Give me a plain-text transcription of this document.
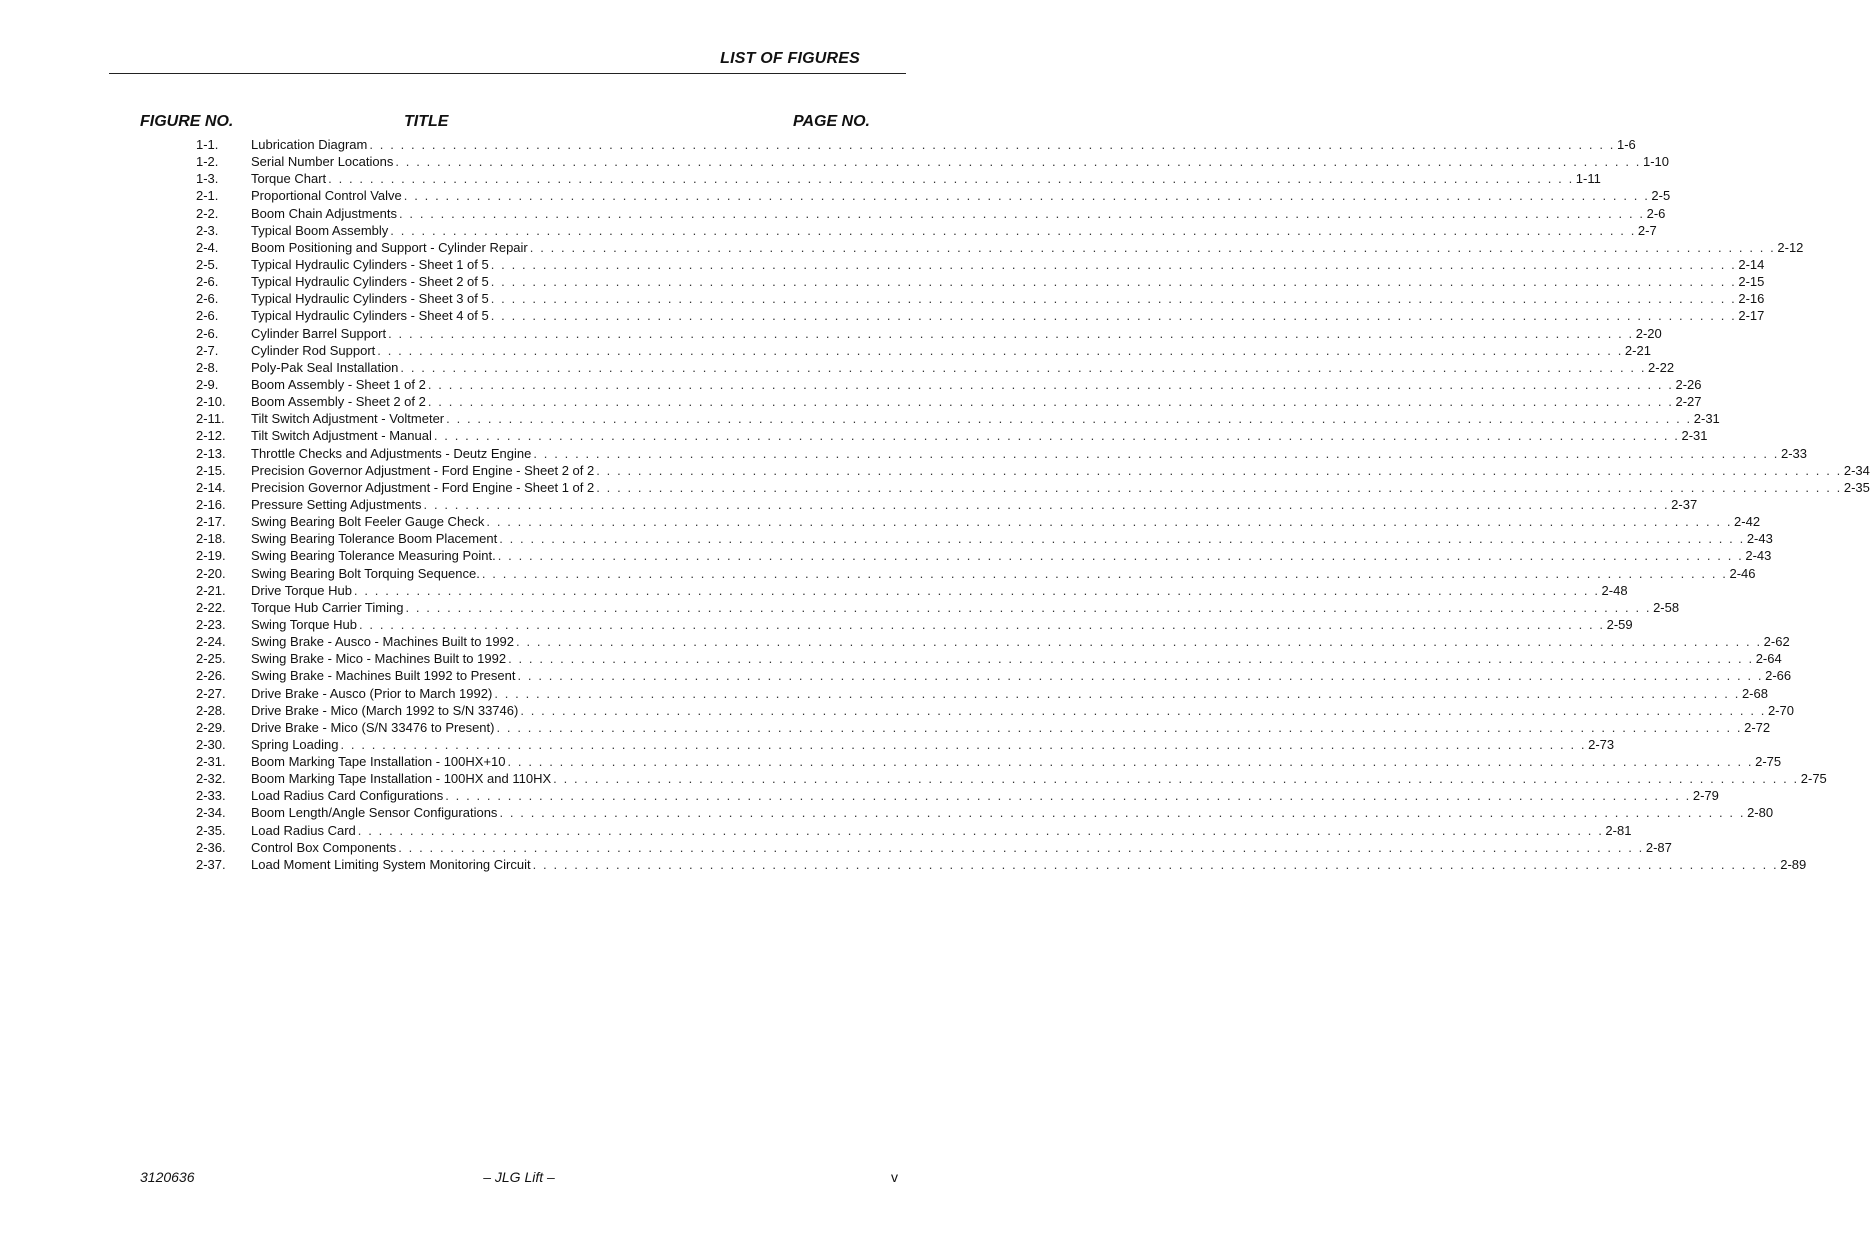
LIST OF FIGURES
FIGURE NO.	TITLE	PAGE NO.
1-1.	Lubrication Diagram . . . . . . . . . . . . . . . . . . . . . . . . . . . . . . . . . . . . . . . . . . . . . . . . . . . . . . . . . . . . . . . . . . . . . . . . . . . . . . . . . . . . . . . . . . . . . . . . . . . . . . . . . . . . . . . . . . . . . . . . 1-6
1-2.	Serial Number Locations . . . . . . . . . . . . . . . . . . . . . . . . . . . . . . . . . . . . . . . . . . . . . . . . . . . . . . . . . . . . . . . . . . . . . . . . . . . . . . . . . . . . . . . . . . . . . . . . . . . . . . . . . . . . . . . . . . . . . . . . 1-10
1-3.	Torque Chart . . . . . . . . . . . . . . . . . . . . . . . . . . . . . . . . . . . . . . . . . . . . . . . . . . . . . . . . . . . . . . . . . . . . . . . . . . . . . . . . . . . . . . . . . . . . . . . . . . . . . . . . . . . . . . . . . . . . . . . . 1-11
2-1.	Proportional Control Valve . . . . . . . . . . . . . . . . . . . . . . . . . . . . . . . . . . . . . . . . . . . . . . . . . . . . . . . . . . . . . . . . . . . . . . . . . . . . . . . . . . . . . . . . . . . . . . . . . . . . . . . . . . . . . . . . . . . . . . . . 2-5
2-2.	Boom Chain Adjustments . . . . . . . . . . . . . . . . . . . . . . . . . . . . . . . . . . . . . . . . . . . . . . . . . . . . . . . . . . . . . . . . . . . . . . . . . . . . . . . . . . . . . . . . . . . . . . . . . . . . . . . . . . . . . . . . . . . . . . . . 2-6
2-3.	Typical Boom Assembly . . . . . . . . . . . . . . . . . . . . . . . . . . . . . . . . . . . . . . . . . . . . . . . . . . . . . . . . . . . . . . . . . . . . . . . . . . . . . . . . . . . . . . . . . . . . . . . . . . . . . . . . . . . . . . . . . . . . . . . . 2-7
2-4.	Boom Positioning and Support - Cylinder Repair . . . . . . . . . . . . . . . . . . . . . . . . . . . . . . . . . . . . . . . . . . . . . . . . . . . . . . . . . . . . . . . . . . . . . . . . . . . . . . . . . . . . . . . . . . . . . . . . . . . . . . . . . . . . . . . . . . . . . . . . 2-12
2-5.	Typical Hydraulic Cylinders - Sheet 1 of 5 . . . . . . . . . . . . . . . . . . . . . . . . . . . . . . . . . . . . . . . . . . . . . . . . . . . . . . . . . . . . . . . . . . . . . . . . . . . . . . . . . . . . . . . . . . . . . . . . . . . . . . . . . . . . . . . . . . . . . . . . 2-14
2-6.	Typical Hydraulic Cylinders - Sheet 2 of 5 . . . . . . . . . . . . . . . . . . . . . . . . . . . . . . . . . . . . . . . . . . . . . . . . . . . . . . . . . . . . . . . . . . . . . . . . . . . . . . . . . . . . . . . . . . . . . . . . . . . . . . . . . . . . . . . . . . . . . . . . 2-15
2-6.	Typical Hydraulic Cylinders - Sheet 3 of 5 . . . . . . . . . . . . . . . . . . . . . . . . . . . . . . . . . . . . . . . . . . . . . . . . . . . . . . . . . . . . . . . . . . . . . . . . . . . . . . . . . . . . . . . . . . . . . . . . . . . . . . . . . . . . . . . . . . . . . . . . 2-16
2-6.	Typical Hydraulic Cylinders - Sheet 4 of 5 . . . . . . . . . . . . . . . . . . . . . . . . . . . . . . . . . . . . . . . . . . . . . . . . . . . . . . . . . . . . . . . . . . . . . . . . . . . . . . . . . . . . . . . . . . . . . . . . . . . . . . . . . . . . . . . . . . . . . . . . 2-17
2-6.	Cylinder Barrel Support . . . . . . . . . . . . . . . . . . . . . . . . . . . . . . . . . . . . . . . . . . . . . . . . . . . . . . . . . . . . . . . . . . . . . . . . . . . . . . . . . . . . . . . . . . . . . . . . . . . . . . . . . . . . . . . . . . . . . . . . 2-20
2-7.	Cylinder Rod Support . . . . . . . . . . . . . . . . . . . . . . . . . . . . . . . . . . . . . . . . . . . . . . . . . . . . . . . . . . . . . . . . . . . . . . . . . . . . . . . . . . . . . . . . . . . . . . . . . . . . . . . . . . . . . . . . . . . . . . . . 2-21
2-8.	Poly-Pak Seal Installation . . . . . . . . . . . . . . . . . . . . . . . . . . . . . . . . . . . . . . . . . . . . . . . . . . . . . . . . . . . . . . . . . . . . . . . . . . . . . . . . . . . . . . . . . . . . . . . . . . . . . . . . . . . . . . . . . . . . . . . . 2-22
2-9.	Boom Assembly - Sheet 1 of 2 . . . . . . . . . . . . . . . . . . . . . . . . . . . . . . . . . . . . . . . . . . . . . . . . . . . . . . . . . . . . . . . . . . . . . . . . . . . . . . . . . . . . . . . . . . . . . . . . . . . . . . . . . . . . . . . . . . . . . . . . 2-26
2-10.	Boom Assembly - Sheet 2 of 2 . . . . . . . . . . . . . . . . . . . . . . . . . . . . . . . . . . . . . . . . . . . . . . . . . . . . . . . . . . . . . . . . . . . . . . . . . . . . . . . . . . . . . . . . . . . . . . . . . . . . . . . . . . . . . . . . . . . . . . . . 2-27
2-11.	Tilt Switch Adjustment - Voltmeter . . . . . . . . . . . . . . . . . . . . . . . . . . . . . . . . . . . . . . . . . . . . . . . . . . . . . . . . . . . . . . . . . . . . . . . . . . . . . . . . . . . . . . . . . . . . . . . . . . . . . . . . . . . . . . . . . . . . . . . . 2-31
2-12.	Tilt Switch Adjustment - Manual . . . . . . . . . . . . . . . . . . . . . . . . . . . . . . . . . . . . . . . . . . . . . . . . . . . . . . . . . . . . . . . . . . . . . . . . . . . . . . . . . . . . . . . . . . . . . . . . . . . . . . . . . . . . . . . . . . . . . . . . 2-31
2-13.	Throttle Checks and Adjustments - Deutz Engine . . . . . . . . . . . . . . . . . . . . . . . . . . . . . . . . . . . . . . . . . . . . . . . . . . . . . . . . . . . . . . . . . . . . . . . . . . . . . . . . . . . . . . . . . . . . . . . . . . . . . . . . . . . . . . . . . . . . . . . . 2-33
2-15.	Precision Governor Adjustment - Ford Engine - Sheet 2 of 2 . . . . . . . . . . . . . . . . . . . . . . . . . . . . . . . . . . . . . . . . . . . . . . . . . . . . . . . . . . . . . . . . . . . . . . . . . . . . . . . . . . . . . . . . . . . . . . . . . . . . . . . . . . . . . . . . . . . . . . . . 2-34
2-14.	Precision Governor Adjustment - Ford Engine - Sheet 1 of 2 . . . . . . . . . . . . . . . . . . . . . . . . . . . . . . . . . . . . . . . . . . . . . . . . . . . . . . . . . . . . . . . . . . . . . . . . . . . . . . . . . . . . . . . . . . . . . . . . . . . . . . . . . . . . . . . . . . . . . . . . 2-35
2-16.	Pressure Setting Adjustments . . . . . . . . . . . . . . . . . . . . . . . . . . . . . . . . . . . . . . . . . . . . . . . . . . . . . . . . . . . . . . . . . . . . . . . . . . . . . . . . . . . . . . . . . . . . . . . . . . . . . . . . . . . . . . . . . . . . . . . . 2-37
2-17.	Swing Bearing Bolt Feeler Gauge Check . . . . . . . . . . . . . . . . . . . . . . . . . . . . . . . . . . . . . . . . . . . . . . . . . . . . . . . . . . . . . . . . . . . . . . . . . . . . . . . . . . . . . . . . . . . . . . . . . . . . . . . . . . . . . . . . . . . . . . . . 2-42
2-18.	Swing Bearing Tolerance Boom Placement . . . . . . . . . . . . . . . . . . . . . . . . . . . . . . . . . . . . . . . . . . . . . . . . . . . . . . . . . . . . . . . . . . . . . . . . . . . . . . . . . . . . . . . . . . . . . . . . . . . . . . . . . . . . . . . . . . . . . . . . 2-43
2-19.	Swing Bearing Tolerance Measuring Point. . . . . . . . . . . . . . . . . . . . . . . . . . . . . . . . . . . . . . . . . . . . . . . . . . . . . . . . . . . . . . . . . . . . . . . . . . . . . . . . . . . . . . . . . . . . . . . . . . . . . . . . . . . . . . . . . . . . . . . . . 2-43
2-20.	Swing Bearing Bolt Torquing Sequence. . . . . . . . . . . . . . . . . . . . . . . . . . . . . . . . . . . . . . . . . . . . . . . . . . . . . . . . . . . . . . . . . . . . . . . . . . . . . . . . . . . . . . . . . . . . . . . . . . . . . . . . . . . . . . . . . . . . . . . . . 2-46
2-21.	Drive Torque Hub . . . . . . . . . . . . . . . . . . . . . . . . . . . . . . . . . . . . . . . . . . . . . . . . . . . . . . . . . . . . . . . . . . . . . . . . . . . . . . . . . . . . . . . . . . . . . . . . . . . . . . . . . . . . . . . . . . . . . . . . 2-48
2-22.	Torque Hub Carrier Timing . . . . . . . . . . . . . . . . . . . . . . . . . . . . . . . . . . . . . . . . . . . . . . . . . . . . . . . . . . . . . . . . . . . . . . . . . . . . . . . . . . . . . . . . . . . . . . . . . . . . . . . . . . . . . . . . . . . . . . . . 2-58
2-23.	Swing Torque Hub . . . . . . . . . . . . . . . . . . . . . . . . . . . . . . . . . . . . . . . . . . . . . . . . . . . . . . . . . . . . . . . . . . . . . . . . . . . . . . . . . . . . . . . . . . . . . . . . . . . . . . . . . . . . . . . . . . . . . . . . 2-59
2-24.	Swing Brake - Ausco - Machines Built to 1992 . . . . . . . . . . . . . . . . . . . . . . . . . . . . . . . . . . . . . . . . . . . . . . . . . . . . . . . . . . . . . . . . . . . . . . . . . . . . . . . . . . . . . . . . . . . . . . . . . . . . . . . . . . . . . . . . . . . . . . . . 2-62
2-25.	Swing Brake - Mico - Machines Built to 1992 . . . . . . . . . . . . . . . . . . . . . . . . . . . . . . . . . . . . . . . . . . . . . . . . . . . . . . . . . . . . . . . . . . . . . . . . . . . . . . . . . . . . . . . . . . . . . . . . . . . . . . . . . . . . . . . . . . . . . . . . 2-64
2-26.	Swing Brake - Machines Built 1992 to Present . . . . . . . . . . . . . . . . . . . . . . . . . . . . . . . . . . . . . . . . . . . . . . . . . . . . . . . . . . . . . . . . . . . . . . . . . . . . . . . . . . . . . . . . . . . . . . . . . . . . . . . . . . . . . . . . . . . . . . . . 2-66
2-27.	Drive Brake - Ausco (Prior to March 1992) . . . . . . . . . . . . . . . . . . . . . . . . . . . . . . . . . . . . . . . . . . . . . . . . . . . . . . . . . . . . . . . . . . . . . . . . . . . . . . . . . . . . . . . . . . . . . . . . . . . . . . . . . . . . . . . . . . . . . . . . 2-68
2-28.	Drive Brake - Mico (March 1992 to S/N 33746) . . . . . . . . . . . . . . . . . . . . . . . . . . . . . . . . . . . . . . . . . . . . . . . . . . . . . . . . . . . . . . . . . . . . . . . . . . . . . . . . . . . . . . . . . . . . . . . . . . . . . . . . . . . . . . . . . . . . . . . . 2-70
2-29.	Drive Brake - Mico (S/N 33476 to Present) . . . . . . . . . . . . . . . . . . . . . . . . . . . . . . . . . . . . . . . . . . . . . . . . . . . . . . . . . . . . . . . . . . . . . . . . . . . . . . . . . . . . . . . . . . . . . . . . . . . . . . . . . . . . . . . . . . . . . . . . 2-72
2-30.	Spring Loading . . . . . . . . . . . . . . . . . . . . . . . . . . . . . . . . . . . . . . . . . . . . . . . . . . . . . . . . . . . . . . . . . . . . . . . . . . . . . . . . . . . . . . . . . . . . . . . . . . . . . . . . . . . . . . . . . . . . . . . . 2-73
2-31.	Boom Marking Tape Installation - 100HX+10 . . . . . . . . . . . . . . . . . . . . . . . . . . . . . . . . . . . . . . . . . . . . . . . . . . . . . . . . . . . . . . . . . . . . . . . . . . . . . . . . . . . . . . . . . . . . . . . . . . . . . . . . . . . . . . . . . . . . . . . . 2-75
2-32.	Boom Marking Tape Installation - 100HX and 110HX . . . . . . . . . . . . . . . . . . . . . . . . . . . . . . . . . . . . . . . . . . . . . . . . . . . . . . . . . . . . . . . . . . . . . . . . . . . . . . . . . . . . . . . . . . . . . . . . . . . . . . . . . . . . . . . . . . . . . . . . 2-75
2-33.	Load Radius Card Configurations . . . . . . . . . . . . . . . . . . . . . . . . . . . . . . . . . . . . . . . . . . . . . . . . . . . . . . . . . . . . . . . . . . . . . . . . . . . . . . . . . . . . . . . . . . . . . . . . . . . . . . . . . . . . . . . . . . . . . . . . 2-79
2-34.	Boom Length/Angle Sensor Configurations . . . . . . . . . . . . . . . . . . . . . . . . . . . . . . . . . . . . . . . . . . . . . . . . . . . . . . . . . . . . . . . . . . . . . . . . . . . . . . . . . . . . . . . . . . . . . . . . . . . . . . . . . . . . . . . . . . . . . . . . 2-80
2-35.	Load Radius Card . . . . . . . . . . . . . . . . . . . . . . . . . . . . . . . . . . . . . . . . . . . . . . . . . . . . . . . . . . . . . . . . . . . . . . . . . . . . . . . . . . . . . . . . . . . . . . . . . . . . . . . . . . . . . . . . . . . . . . . . 2-81
2-36.	Control Box Components . . . . . . . . . . . . . . . . . . . . . . . . . . . . . . . . . . . . . . . . . . . . . . . . . . . . . . . . . . . . . . . . . . . . . . . . . . . . . . . . . . . . . . . . . . . . . . . . . . . . . . . . . . . . . . . . . . . . . . . . 2-87
2-37.	Load Moment Limiting System Monitoring Circuit . . . . . . . . . . . . . . . . . . . . . . . . . . . . . . . . . . . . . . . . . . . . . . . . . . . . . . . . . . . . . . . . . . . . . . . . . . . . . . . . . . . . . . . . . . . . . . . . . . . . . . . . . . . . . . . . . . . . . . . . 2-89
3120636	– JLG Lift –	v
